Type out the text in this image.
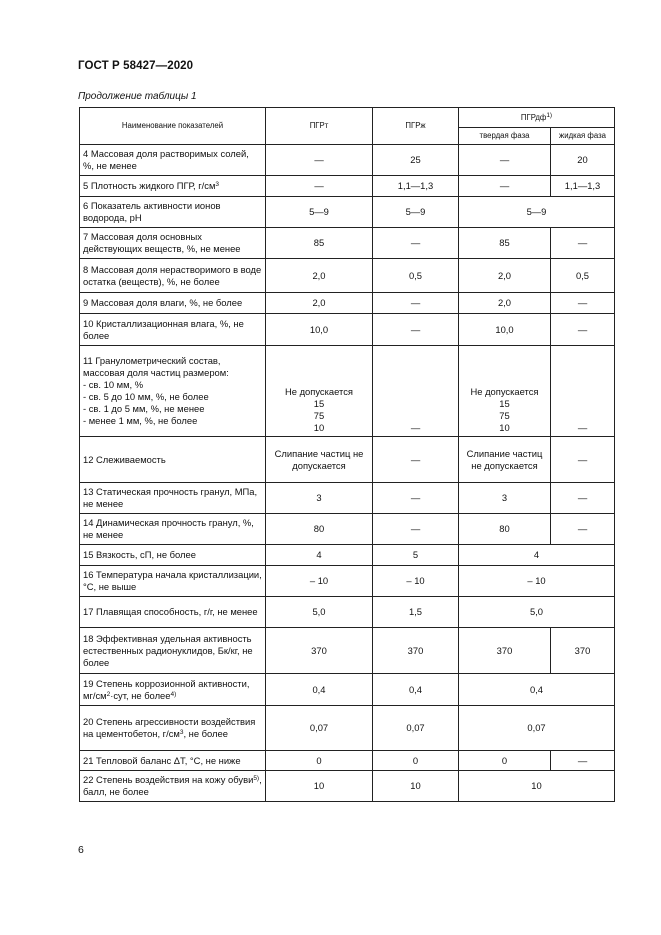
ГОСТ Р 58427—2020
Продолжение таблицы 1
Наименование показателей	ПГРт	ПГРж	ПГРдф$^{1)}$
			твердая фаза	жидкая фаза
4 Массовая доля растворимых солей, %, не менее	—	25	—	20
5 Плотность жидкого ПГР, $г/см^3$	—	1,1—1,3	—	1,1—1,3
6 Показатель активности ионов водорода, pH	5—9	5—9	5—9	
7 Массовая доля основных действующих веществ, %, не менее	85	—	85	—
8 Массовая доля нерастворимого в воде остатка (веществ), %, не более	2,0	0,5	2,0	0,5
9 Массовая доля влаги, %, не более	2,0	—	2,0	—
10 Кристаллизационная влага, %, не более	10,0	—	10,0	—

11 Гранулометрический состав, массовая доля частиц размером:
- св. 10 мм, %
- св. 5 до 10 мм, %, не более
- св. 1 до 5 мм, %, не менее
- менее 1 мм, %, не более	Не допускается
15
75
10	—	Не допускается
15
75
10	—
12 Слеживаемость	Слипание частиц не допускается	—	Слипание частиц не допускается	—
13 Статическая прочность гранул, МПа, не менее	3	—	3	—
14 Динамическая прочность гранул, %, не менее	80	—	80	—
15 Вязкость, сП, не более	4	5	4	
16 Температура начала кристаллизации, °С, не выше	– 10	– 10	– 10	
17 Плавящая способность, г/г, не менее	5,0	1,5	5,0	
18 Эффективная удельная активность естественных радионуклидов, Бк/кг, не более	370	370	370	370
19 Степень коррозионной активности, $мг/см^2\cdot сут$, не более$^{4)}$	0,4	0,4	0,4	
20 Степень агрессивности воздействия на цементобетон, $г/см^3$, не более	0,07	0,07	0,07	
21 Тепловой баланс ΔT, °С, не ниже	0	0	0	—
22 Степень воздействия на кожу обуви$^{5)}$, балл, не более	10	10	10	
6
